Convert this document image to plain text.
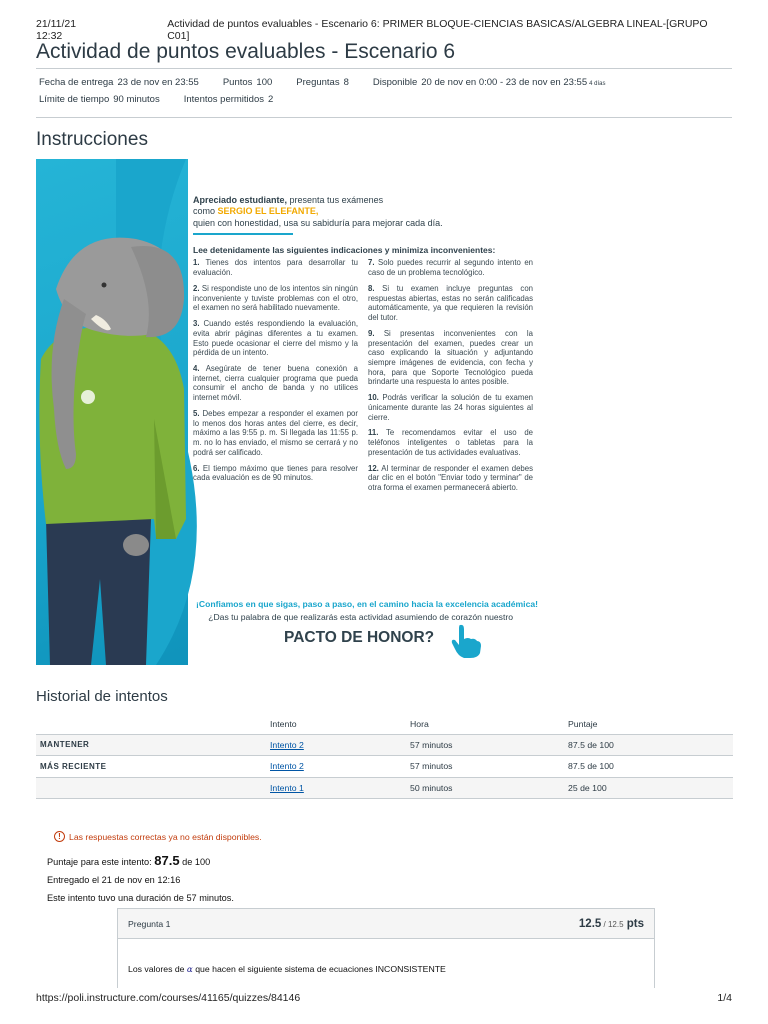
21/11/21 12:32
Actividad de puntos evaluables - Escenario 6: PRIMER BLOQUE-CIENCIAS BASICAS/ALGEBRA LINEAL-[GRUPO C01]
Actividad de puntos evaluables - Escenario 6
Fecha de entrega 23 de nov en 23:55	Puntos 100	Preguntas 8	Disponible 20 de nov en 0:00 - 23 de nov en 23:55 4 días
Límite de tiempo 90 minutos	Intentos permitidos 2
Instrucciones
Apreciado estudiante, presenta tus exámenes
como SERGIO EL ELEFANTE,
quien con honestidad, usa su sabiduría para mejorar cada día.
Lee detenidamente las siguientes indicaciones y minimiza inconvenientes:

1. Tienes dos intentos para desarrollar tu evaluación.

2. Si respondiste uno de los intentos sin ningún inconveniente y tuviste problemas con el otro, el examen no será habilitado nuevamente.

3. Cuando estés respondiendo la evaluación, evita abrir páginas diferentes a tu examen. Esto puede ocasionar el cierre del mismo y la pérdida de un intento.

4. Asegúrate de tener buena conexión a internet, cierra cualquier programa que pueda consumir el ancho de banda y no utilices internet móvil.

5. Debes empezar a responder el examen por lo menos dos horas antes del cierre, es decir, máximo a las 9:55 p. m. Si llegada las 11:55 p. m. no lo has enviado, el mismo se cerrará y no podrá ser calificado.

6. El tiempo máximo que tienes para resolver cada evaluación es de 90 minutos.

7. Solo puedes recurrir al segundo intento en caso de un problema tecnológico.

8. Si tu examen incluye preguntas con respuestas abiertas, estas no serán calificadas automáticamente, ya que requieren la revisión del tutor.

9. Si presentas inconvenientes con la presentación del examen, puedes crear un caso explicando la situación y adjuntando siempre imágenes de evidencia, con fecha y hora, para que Soporte Tecnológico pueda brindarte una respuesta lo antes posible.

10. Podrás verificar la solución de tu examen únicamente durante las 24 horas siguientes al cierre.

11. Te recomendamos evitar el uso de teléfonos inteligentes o tabletas para la presentación de tus actividades evaluativas.

12. Al terminar de responder el examen debes dar clic en el botón "Enviar todo y terminar" de otra forma el examen permanecerá abierto.

¡Confiamos en que sigas, paso a paso, en el camino hacia la excelencia académica!
¿Das tu palabra de que realizarás esta actividad asumiendo de corazón nuestro
PACTO DE HONOR?
Historial de intentos
	Intento	Hora	Puntaje
MANTENER	Intento 2	57 minutos	87.5 de 100
MÁS RECIENTE	Intento 2	57 minutos	87.5 de 100
	Intento 1	50 minutos	25 de 100
! Las respuestas correctas ya no están disponibles.
Puntaje para este intento: 87.5 de 100
Entregado el 21 de nov en 12:16
Este intento tuvo una duración de 57 minutos.
Pregunta 1	12.5 / 12.5 pts
Los valores de α que hacen el siguiente sistema de ecuaciones INCONSISTENTE
https://poli.instructure.com/courses/41165/quizzes/84146	1/4
